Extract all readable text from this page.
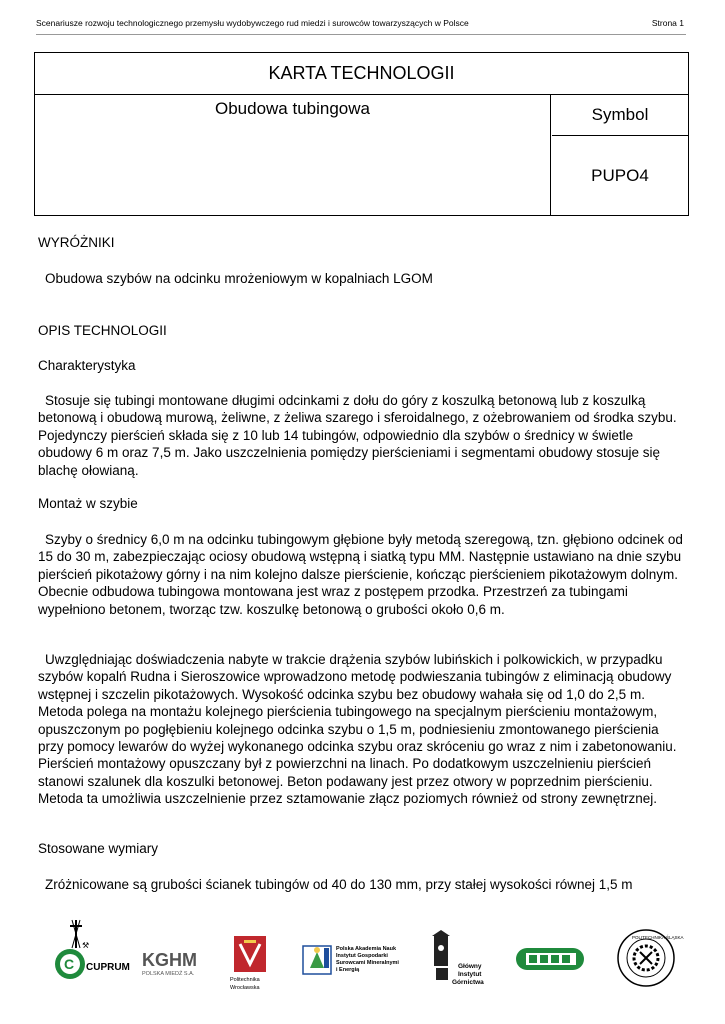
Scenariusze rozwoju technologicznego przemysłu wydobywczego rud miedzi i surowców towarzyszących w Polsce	Strona 1
KARTA TECHNOLOGII
Obudowa tubingowa	Symbol
PUPO4
WYRÓŻNIKI
Obudowa szybów na odcinku mrożeniowym w kopalniach LGOM
OPIS TECHNOLOGII
Charakterystyka
Stosuje się tubingi montowane długimi odcinkami z dołu do góry z koszulką betonową lub z koszulką betonową i obudową murową, żeliwne, z żeliwa szarego i sferoidalnego, z ożebrowaniem od środka szybu. Pojedynczy pierścień składa się z 10 lub 14 tubingów, odpowiednio dla szybów o średnicy w świetle obudowy 6 m oraz 7,5 m. Jako uszczelnienia pomiędzy pierścieniami i segmentami obudowy stosuje się blachę ołowianą.
Montaż w szybie
Szyby o średnicy 6,0 m na odcinku tubingowym głębione były metodą szeregową, tzn. głębiono odcinek od 15 do 30 m, zabezpieczając ociosy obudową wstępną i siatką typu MM. Następnie ustawiano na dnie szybu pierścień pikotażowy górny i na nim kolejno dalsze pierścienie, kończąc pierścieniem pikotażowym dolnym. Obecnie odbudowa tubingowa montowana jest wraz z postępem przodka. Przestrzeń za tubingami wypełniono betonem, tworząc tzw. koszulkę betonową o grubości około 0,6 m.
Uwzględniając doświadczenia nabyte w trakcie drążenia szybów lubińskich i polkowickich, w przypadku szybów kopalń Rudna i Sieroszowice wprowadzono metodę podwieszania tubingów z eliminacją obudowy wstępnej i szczelin pikotażowych. Wysokość odcinka szybu bez obudowy wahała się od 1,0 do 2,5 m. Metoda polega na montażu kolejnego pierścienia tubingowego na specjalnym pierścieniu montażowym, opuszczonym po pogłębieniu kolejnego odcinka szybu o 1,5 m, podniesieniu zmontowanego pierścienia przy pomocy lewarów do wyżej wykonanego odcinka szybu oraz skróceniu go wraz z nim i zabetonowaniu. Pierścień montażowy opuszczany był z powierzchni na linach. Po dodatkowym uszczelnieniu pierścień stanowi szalunek dla koszulki betonowej. Beton podawany jest przez otwory w poprzednim pierścieniu. Metoda ta umożliwia uszczelnienie przez sztamowanie złącz poziomych również od strony zewnętrznej.
Stosowane wymiary
Zróżnicowane są grubości ścianek tubingów od 40 do 130 mm, przy stałej wysokości równej 1,5 m
⚒
C CUPRUM KGHM
POLSKA MIEDŹ S.A.
Politechnika
Wrocławska
Polska Akademia Nauk
Instytut Gospodarki
Surowcami Mineralnymi
i Energią	Główny
Instytut
Górnictwa
POLITECHNIKA ŚLĄSKA
